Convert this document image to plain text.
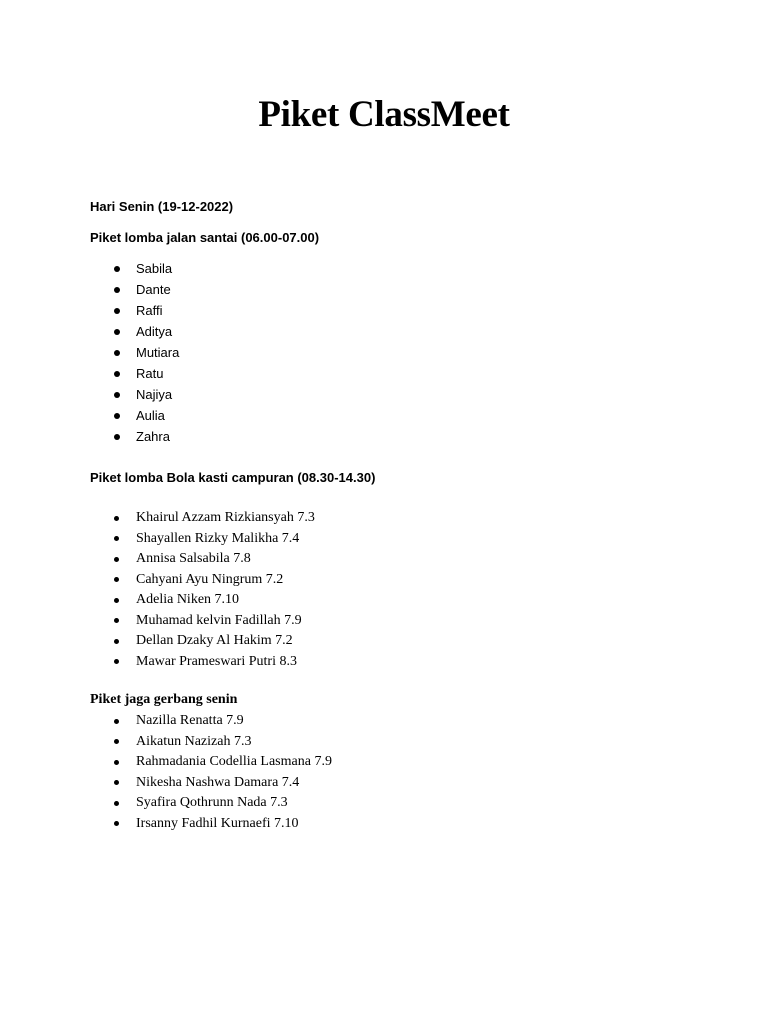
Piket ClassMeet

Hari Senin (19-12-2022)

Piket lomba jalan santai (06.00-07.00)

Sabila
Dante
Raffi
Aditya
Mutiara
Ratu
Najiya
Aulia
Zahra

Piket lomba Bola kasti campuran (08.30-14.30)

Khairul Azzam Rizkiansyah 7.3
Shayallen Rizky Malikha 7.4
Annisa Salsabila 7.8
Cahyani Ayu Ningrum 7.2
Adelia Niken 7.10
Muhamad kelvin Fadillah 7.9
Dellan Dzaky Al Hakim 7.2
Mawar Prameswari Putri 8.3

Piket jaga gerbang senin

Nazilla Renatta 7.9
Aikatun Nazizah 7.3
Rahmadania Codellia Lasmana 7.9
Nikesha Nashwa Damara 7.4
Syafira Qothrunn Nada 7.3
Irsanny Fadhil Kurnaefi 7.10
